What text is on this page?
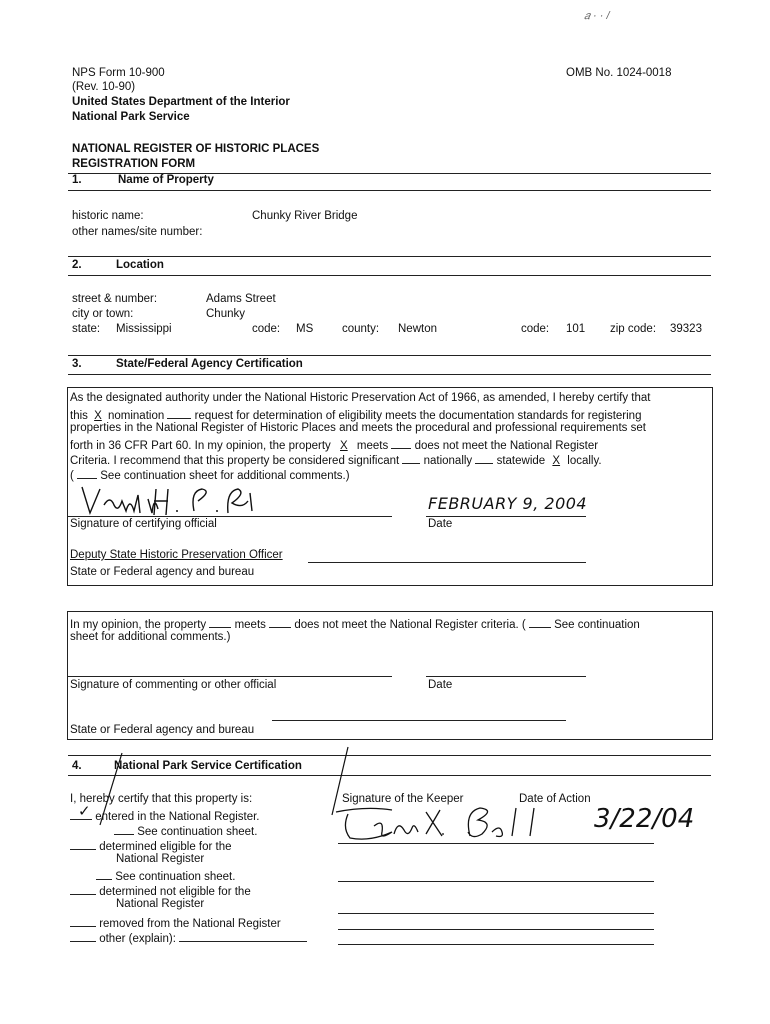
𝑎 · · /
NPS Form 10-900
(Rev. 10-90)
United States Department of the Interior
National Park Service
OMB No. 1024-0018
NATIONAL REGISTER OF HISTORIC PLACES
REGISTRATION FORM
1.	Name of Property
historic name:	Chunky River Bridge
other names/site number:
2.	Location
street & number:	Adams Street
city or town:	Chunky
state: Mississippi	code: MS	county: Newton	code: 101 zip code: 39323
3.	State/Federal Agency Certification
As the designated authority under the National Historic Preservation Act of 1966, as amended, I hereby certify that
this X nomination	request for determination of eligibility meets the documentation standards for registering
properties in the National Register of Historic Places and meets the procedural and professional requirements set
forth in 36 CFR Part 60. In my opinion, the property X meets does not meet the National Register
Criteria. I recommend that this property be considered significant nationally statewide X locally.
( See continuation sheet for additional comments.)
Signature of certifying official
FEBRUARY 9, 2004
Date
Deputy State Historic Preservation Officer
State or Federal agency and bureau
In my opinion, the property meets does not meet the National Register criteria. ( See continuation
sheet for additional comments.)
Signature of commenting or other official	Date
State or Federal agency and bureau
4.	National Park Service Certification
I, hereby certify that this property is:
✓ entered in the National Register.
See continuation sheet.
determined eligible for the
National Register
See continuation sheet.
determined not eligible for the
National Register
removed from the National Register
other (explain):
Signature of the Keeper	Date of Action
3/22/04
